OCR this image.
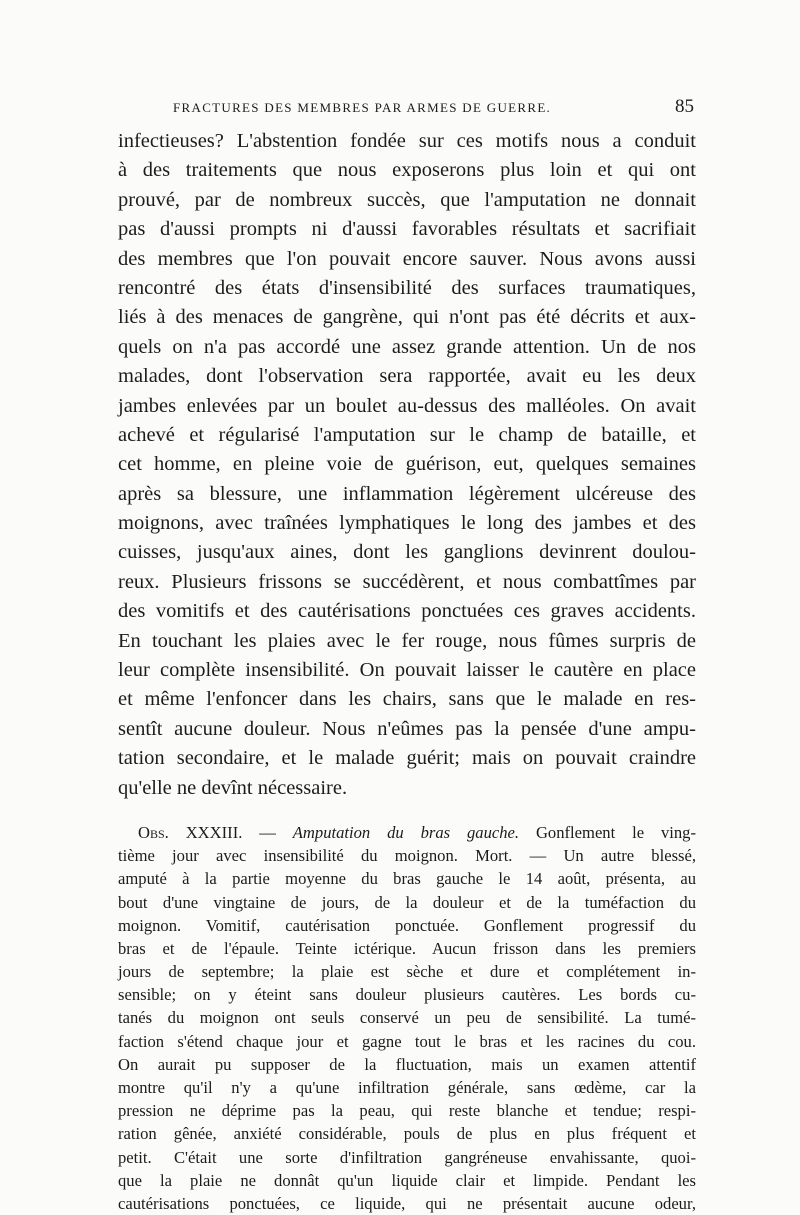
FRACTURES DES MEMBRES PAR ARMES DE GUERRE.	85
infectieuses? L'abstention fondée sur ces motifs nous a conduit
à des traitements que nous exposerons plus loin et qui ont
prouvé, par de nombreux succès, que l'amputation ne donnait
pas d'aussi prompts ni d'aussi favorables résultats et sacrifiait
des membres que l'on pouvait encore sauver. Nous avons aussi
rencontré des états d'insensibilité des surfaces traumatiques,
liés à des menaces de gangrène, qui n'ont pas été décrits et aux-
quels on n'a pas accordé une assez grande attention. Un de nos
malades, dont l'observation sera rapportée, avait eu les deux
jambes enlevées par un boulet au-dessus des malléoles. On avait
achevé et régularisé l'amputation sur le champ de bataille, et
cet homme, en pleine voie de guérison, eut, quelques semaines
après sa blessure, une inflammation légèrement ulcéreuse des
moignons, avec traînées lymphatiques le long des jambes et des
cuisses, jusqu'aux aines, dont les ganglions devinrent doulou-
reux. Plusieurs frissons se succédèrent, et nous combattîmes par
des vomitifs et des cautérisations ponctuées ces graves accidents.
En touchant les plaies avec le fer rouge, nous fûmes surpris de
leur complète insensibilité. On pouvait laisser le cautère en place
et même l'enfoncer dans les chairs, sans que le malade en res-
sentît aucune douleur. Nous n'eûmes pas la pensée d'une ampu-
tation secondaire, et le malade guérit; mais on pouvait craindre
qu'elle ne devînt nécessaire.
Obs. XXXIII. — Amputation du bras gauche. Gonflement le ving-
tième jour avec insensibilité du moignon. Mort. — Un autre blessé,
amputé à la partie moyenne du bras gauche le 14 août, présenta, au
bout d'une vingtaine de jours, de la douleur et de la tuméfaction du
moignon. Vomitif, cautérisation ponctuée. Gonflement progressif du
bras et de l'épaule. Teinte ictérique. Aucun frisson dans les premiers
jours de septembre; la plaie est sèche et dure et complétement in-
sensible; on y éteint sans douleur plusieurs cautères. Les bords cu-
tanés du moignon ont seuls conservé un peu de sensibilité. La tumé-
faction s'étend chaque jour et gagne tout le bras et les racines du cou.
On aurait pu supposer de la fluctuation, mais un examen attentif
montre qu'il n'y a qu'une infiltration générale, sans œdème, car la
pression ne déprime pas la peau, qui reste blanche et tendue; respi-
ration gênée, anxiété considérable, pouls de plus en plus fréquent et
petit. C'était une sorte d'infiltration gangréneuse envahissante, quoi-
que la plaie ne donnât qu'un liquide clair et limpide. Pendant les
cautérisations ponctuées, ce liquide, qui ne présentait aucune odeur,
